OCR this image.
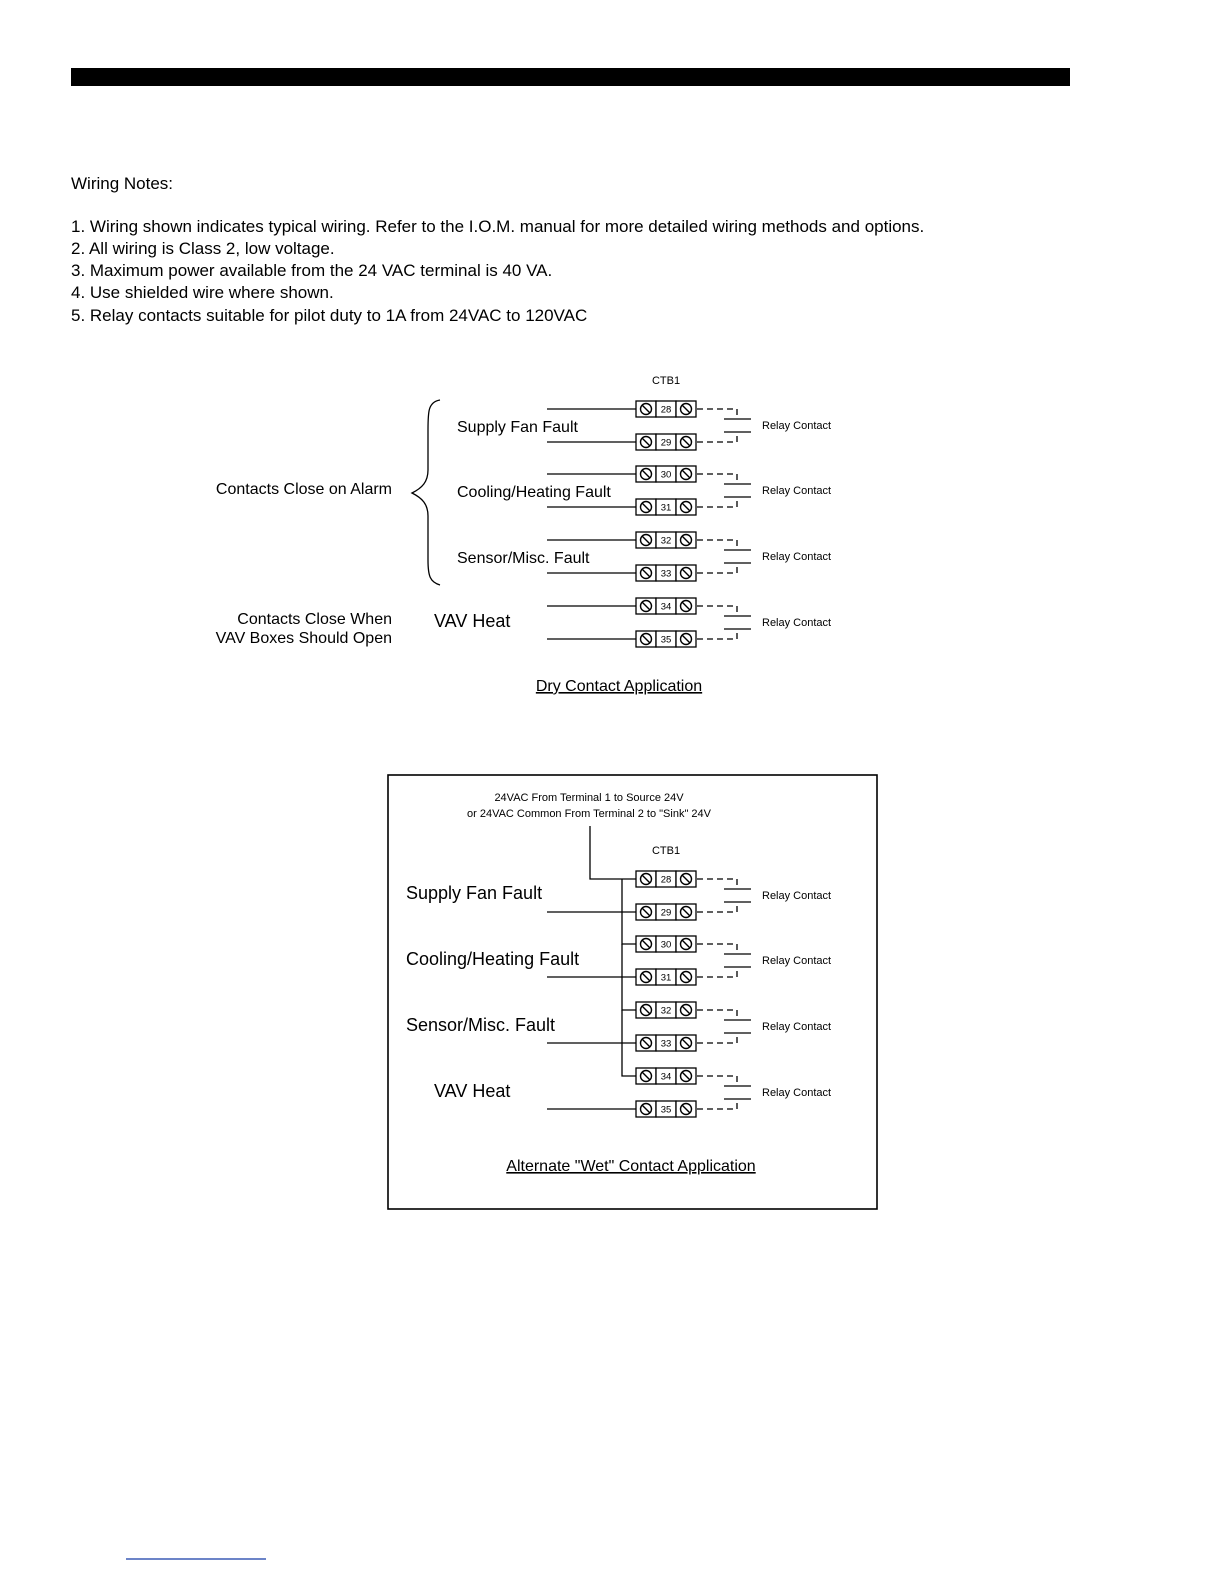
Wiring Notes:
1. Wiring shown indicates typical wiring. Refer to the I.O.M. manual for more detailed wiring methods and options.
2. All wiring is Class 2, low voltage.
3. Maximum power available from the 24 VAC terminal is 40 VA.
4. Use shielded wire where shown.
5. Relay contacts suitable for pilot duty to 1A from 24VAC to 120VAC
CTB1
Contacts Close on Alarm
Contacts Close When
VAV Boxes Should Open
Supply Fan Fault
Cooling/Heating Fault
Sensor/Misc. Fault
VAV Heat
28
29
Relay Contact
30
31
Relay Contact
32
33
Relay Contact
34
35
Relay Contact
Dry Contact Application
24VAC From Terminal 1 to Source 24V
or 24VAC Common From Terminal 2 to "Sink" 24V
CTB1
Supply Fan Fault
Cooling/Heating Fault
Sensor/Misc. Fault
VAV Heat
28
29
Relay Contact
30
31
Relay Contact
32
33
Relay Contact
34
35
Relay Contact
Alternate "Wet" Contact Application
